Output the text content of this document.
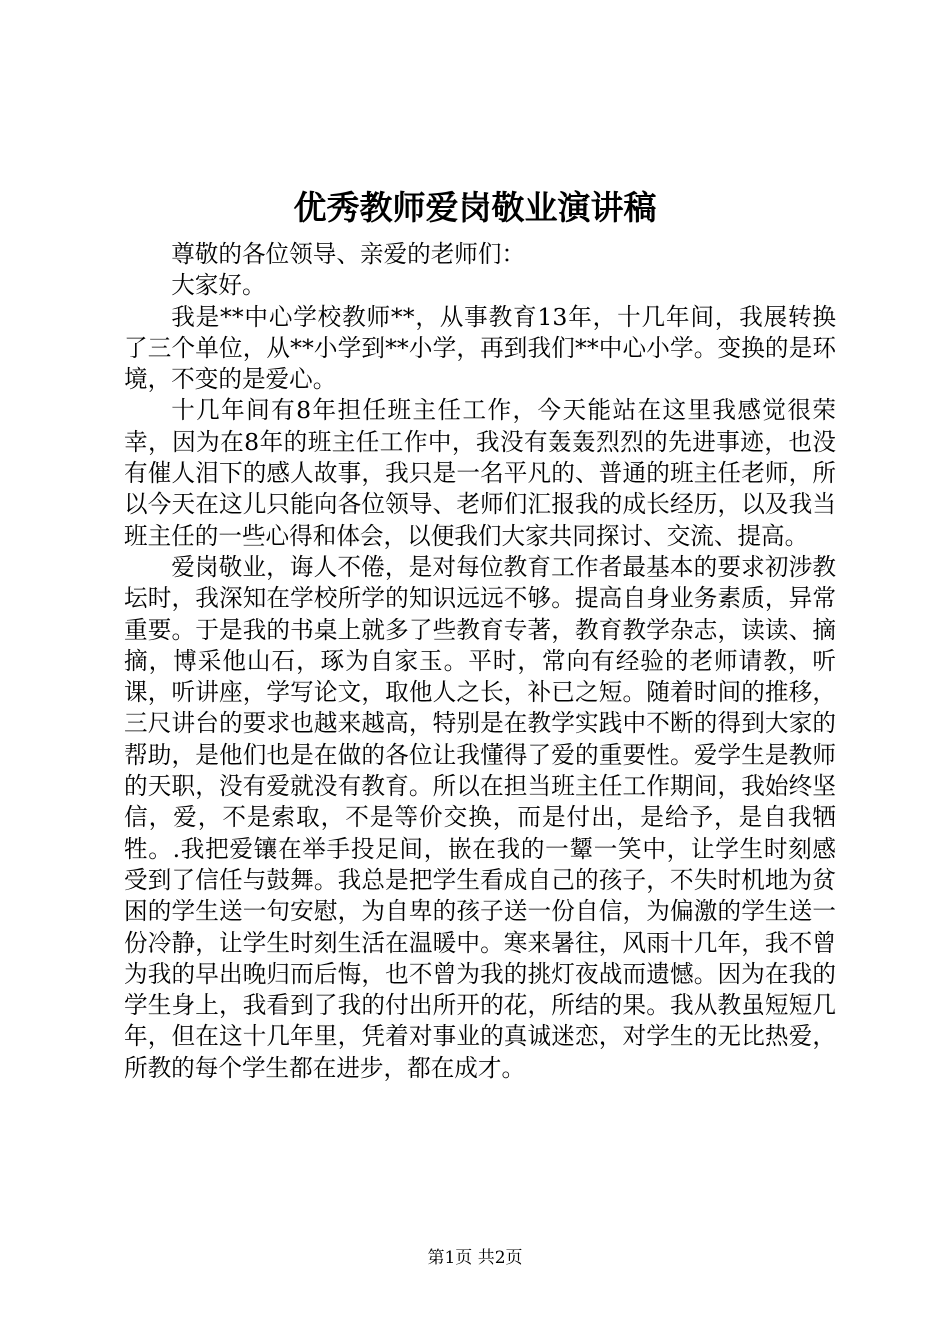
优秀教师爱岗敬业演讲稿

尊敬的各位领导、亲爱的老师们：

大家好。

我是**中心学校教师**，从事教育13年，十几年间，我展转换了三个单位，从**小学到**小学，再到我们**中心小学。变换的是环境，不变的是爱心。

十几年间有8年担任班主任工作，今天能站在这里我感觉很荣幸，因为在8年的班主任工作中，我没有轰轰烈烈的先进事迹，也没有催人泪下的感人故事，我只是一名平凡的、普通的班主任老师，所以今天在这儿只能向各位领导、老师们汇报我的成长经历，以及我当班主任的一些心得和体会，以便我们大家共同探讨、交流、提高。

爱岗敬业，诲人不倦，是对每位教育工作者最基本的要求初涉教坛时，我深知在学校所学的知识远远不够。提高自身业务素质，异常重要。于是我的书桌上就多了些教育专著，教育教学杂志，读读、摘摘，博采他山石，琢为自家玉。平时，常向有经验的老师请教，听课，听讲座，学写论文，取他人之长，补已之短。随着时间的推移，三尺讲台的要求也越来越高，特别是在教学实践中不断的得到大家的帮助，是他们也是在做的各位让我懂得了爱的重要性。爱学生是教师的天职，没有爱就没有教育。所以在担当班主任工作期间，我始终坚信，爱，不是索取，不是等价交换，而是付出，是给予，是自我牺牲。.我把爱镶在举手投足间，嵌在我的一颦一笑中，让学生时刻感受到了信任与鼓舞。我总是把学生看成自己的孩子，不失时机地为贫困的学生送一句安慰，为自卑的孩子送一份自信，为偏激的学生送一份冷静，让学生时刻生活在温暖中。寒来暑往，风雨十几年，我不曾为我的早出晚归而后悔，也不曾为我的挑灯夜战而遗憾。因为在我的学生身上，我看到了我的付出所开的花，所结的果。我从教虽短短几年，但在这十几年里，凭着对事业的真诚迷恋，对学生的无比热爱，所教的每个学生都在进步，都在成才。

第1页 共2页
